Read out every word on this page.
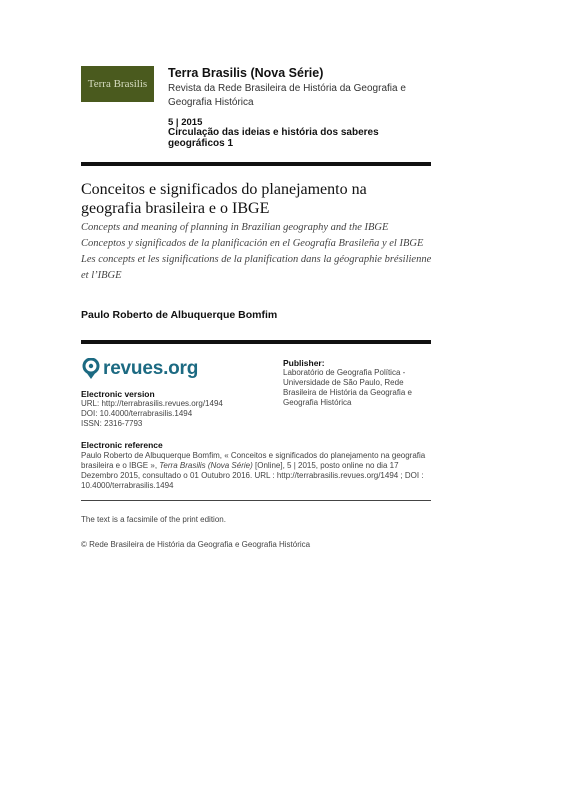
Terra Brasilis
Terra Brasilis (Nova Série)
Revista da Rede Brasileira de História da Geografia e Geografia Histórica
5 | 2015
Circulação das ideias e história dos saberes geográficos 1
Conceitos e significados do planejamento na geografia brasileira e o IBGE
Concepts and meaning of planning in Brazilian geography and the IBGE
Conceptos y significados de la planificación en el Geografía Brasileña y el IBGE
Les concepts et les significations de la planification dans la géographie brésilienne et l’IBGE
Paulo Roberto de Albuquerque Bomfim
revues.org
Electronic version
URL: http://terrabrasilis.revues.org/1494
DOI: 10.4000/terrabrasilis.1494
ISSN: 2316-7793
Publisher:
Laboratório de Geografia Política - Universidade de São Paulo, Rede Brasileira de História da Geografia e Geografia Histórica
Electronic reference
Paulo Roberto de Albuquerque Bomfim, « Conceitos e significados do planejamento na geografia brasileira e o IBGE », Terra Brasilis (Nova Série) [Online], 5 | 2015, posto online no dia 17 Dezembro 2015, consultado o 01 Outubro 2016. URL : http://terrabrasilis.revues.org/1494 ; DOI : 10.4000/terrabrasilis.1494
The text is a facsimile of the print edition.
© Rede Brasileira de História da Geografia e Geografia Histórica
